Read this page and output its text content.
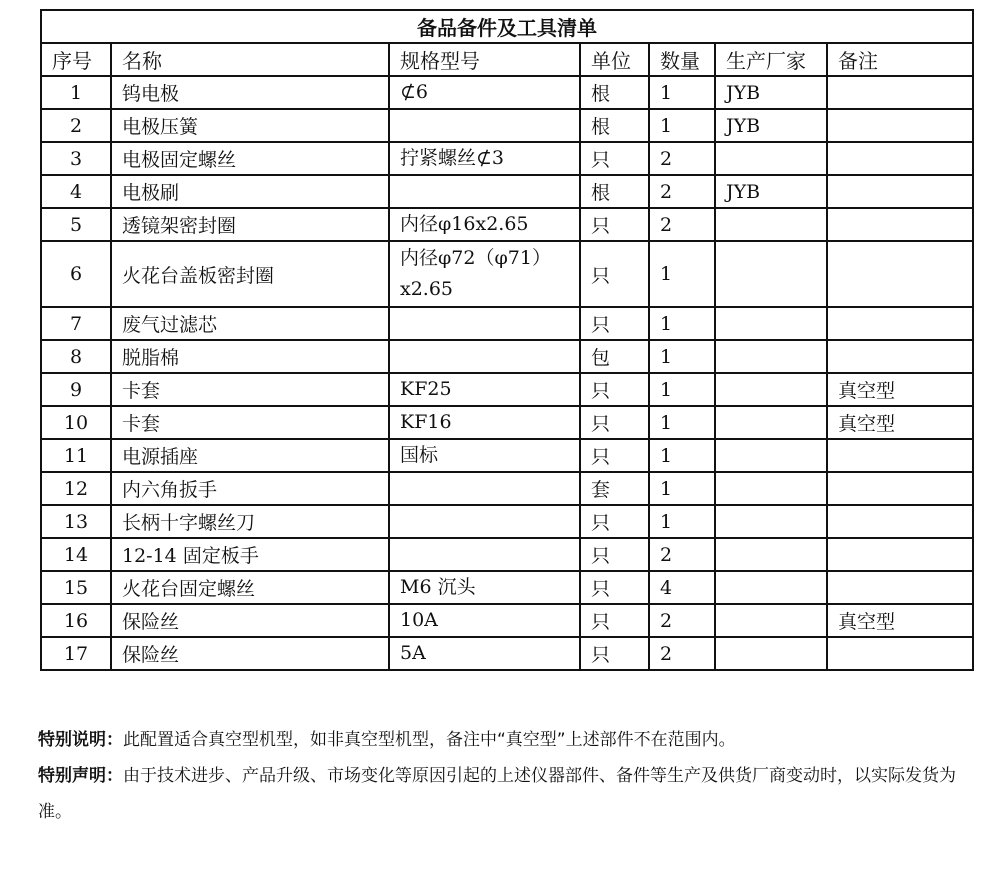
备品备件及工具清单						
序号	名称	规格型号	单位	数量	生产厂家	备注
1	钨电极	⊄6	根	1	JYB	
2	电极压簧		根	1	JYB	
3	电极固定螺丝	拧紧螺丝⊄3	只	2		
4	电极刷		根	2	JYB	
5	透镜架密封圈	内径φ16x2.65	只	2		
6	火花台盖板密封圈	内径φ72（φ71）x2.65	只	1		
7	废气过滤芯		只	1		
8	脱脂棉		包	1		
9	卡套	KF25	只	1		真空型
10	卡套	KF16	只	1		真空型
11	电源插座	国标	只	1		
12	内六角扳手		套	1		
13	长柄十字螺丝刀		只	1		
14	12-14 固定板手		只	2		
15	火花台固定螺丝	M6 沉头	只	4		
16	保险丝	10A	只	2		真空型
17	保险丝	5A	只	2		

特别说明：此配置适合真空型机型，如非真空型机型，备注中“真空型”上述部件不在范围内。

特别声明：由于技术进步、产品升级、市场变化等原因引起的上述仪器部件、备件等生产及供货厂商变动时，以实际发货为准。
